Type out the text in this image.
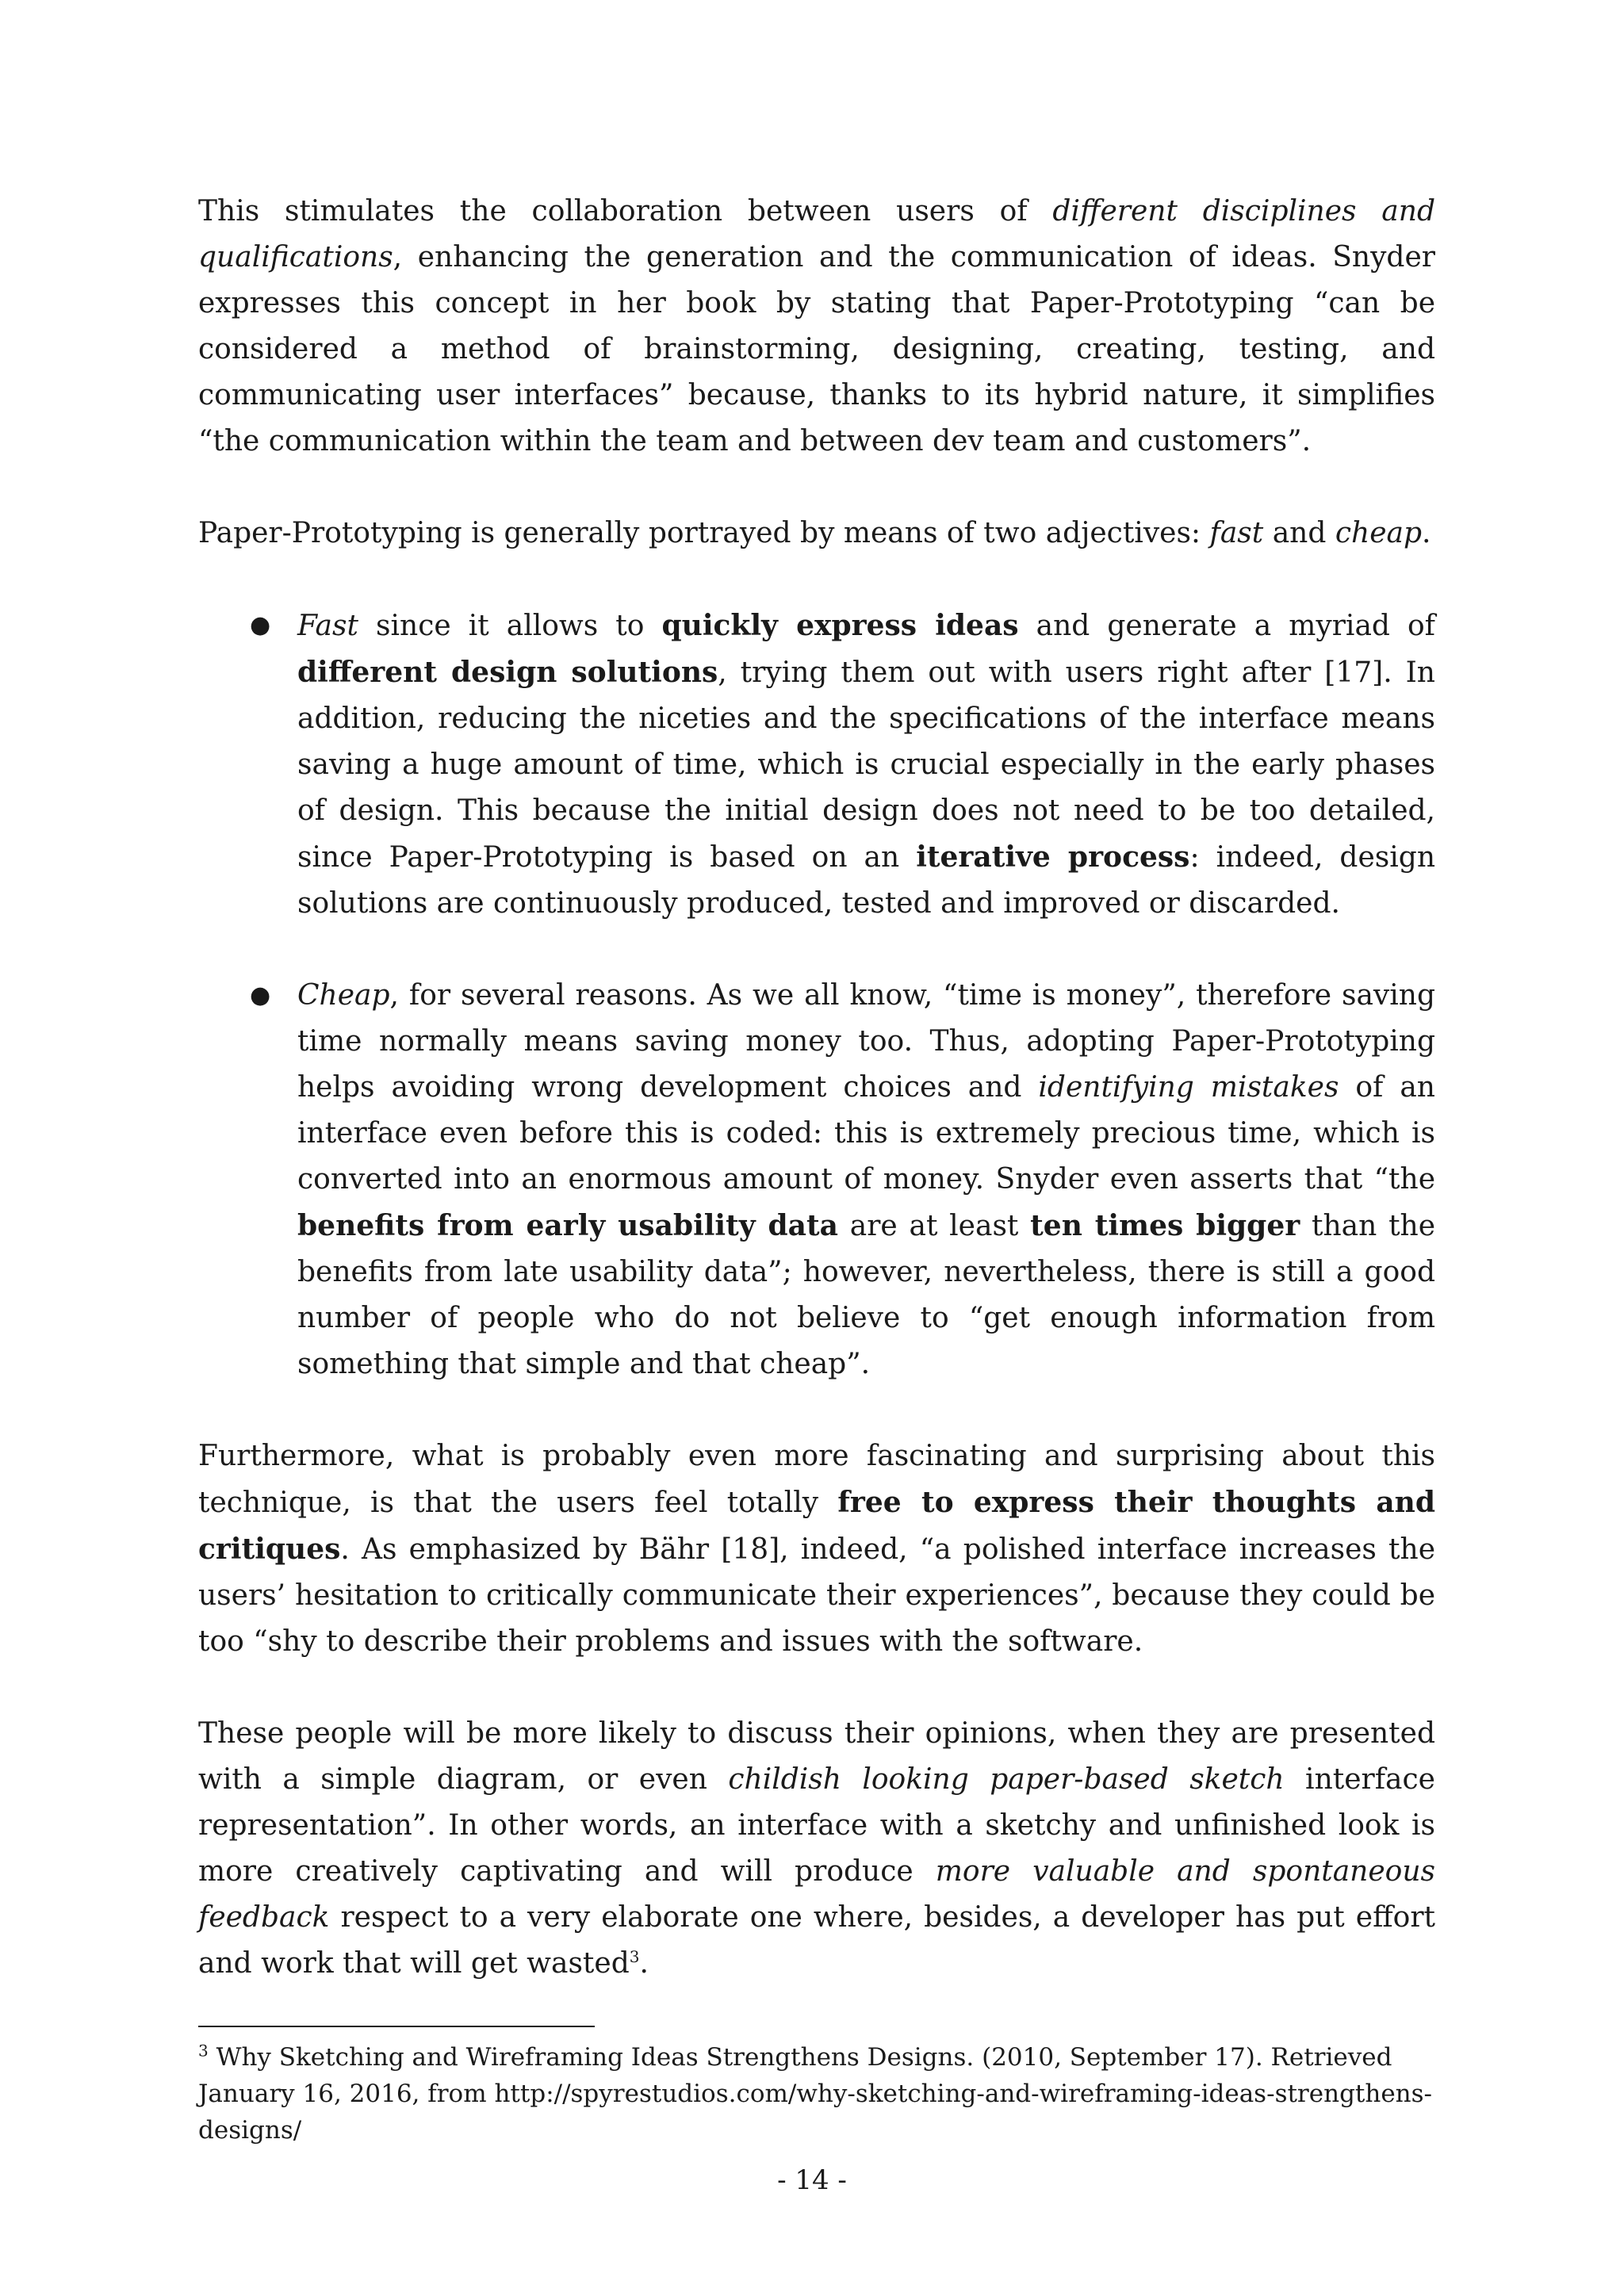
This stimulates the collaboration between users of different disciplines and qualifications, enhancing the generation and the communication of ideas. Snyder expresses this concept in her book by stating that Paper-Prototyping “can be considered a method of brainstorming, designing, creating, testing, and communicating user interfaces” because, thanks to its hybrid nature, it simplifies “the communication within the team and between dev team and customers”.

Paper-Prototyping is generally portrayed by means of two adjectives: fast and cheap.

● Fast since it allows to quickly express ideas and generate a myriad of different design solutions, trying them out with users right after [17]. In addition, reducing the niceties and the specifications of the interface means saving a huge amount of time, which is crucial especially in the early phases of design. This because the initial design does not need to be too detailed, since Paper-Prototyping is based on an iterative process: indeed, design solutions are continuously produced, tested and improved or discarded.
● Cheap, for several reasons. As we all know, “time is money”, therefore saving time normally means saving money too. Thus, adopting Paper-Prototyping helps avoiding wrong development choices and identifying mistakes of an interface even before this is coded: this is extremely precious time, which is converted into an enormous amount of money. Snyder even asserts that “the benefits from early usability data are at least ten times bigger than the benefits from late usability data”; however, nevertheless, there is still a good number of people who do not believe to “get enough information from something that simple and that cheap”.

Furthermore, what is probably even more fascinating and surprising about this technique, is that the users feel totally free to express their thoughts and critiques. As emphasized by Bähr [18], indeed, “a polished interface increases the users’ hesitation to critically communicate their experiences”, because they could be too “shy to describe their problems and issues with the software.

These people will be more likely to discuss their opinions, when they are presented with a simple diagram, or even childish looking paper-based sketch interface representation”. In other words, an interface with a sketchy and unfinished look is more creatively captivating and will produce more valuable and spontaneous feedback respect to a very elaborate one where, besides, a developer has put effort and work that will get wasted$^3$.

$^3$ Why Sketching and Wireframing Ideas Strengthens Designs. (2010, September 17). Retrieved January 16, 2016, from http://spyrestudios.com/why-sketching-and-wireframing-ideas-strengthens-designs/
- 14 -
